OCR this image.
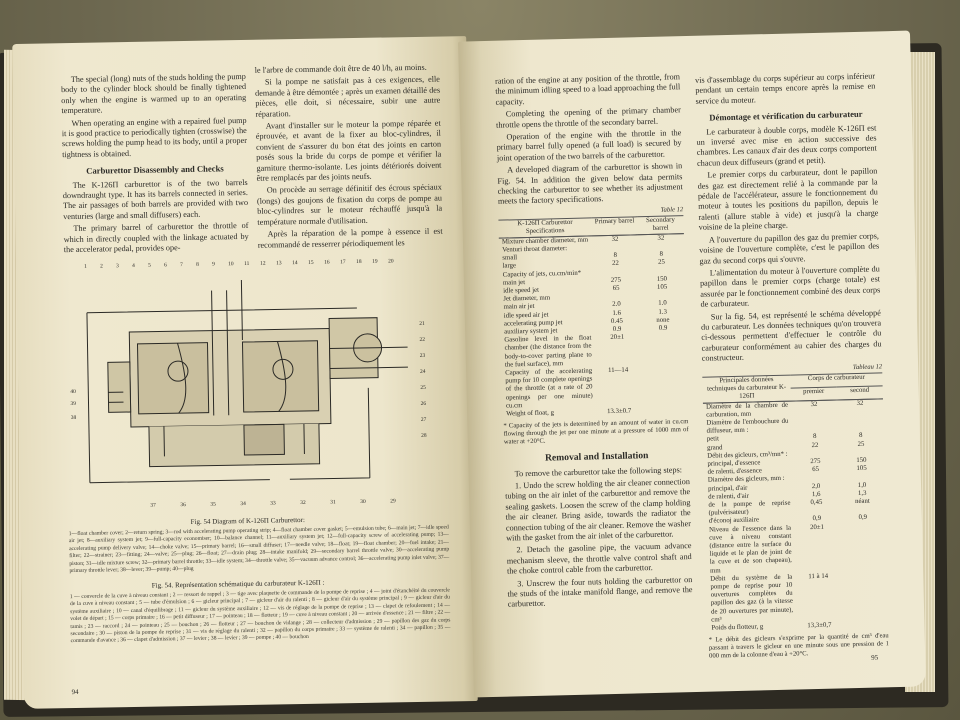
The special (long) nuts of the studs holding the pump body to the cylinder block should be finally tightened only when the engine is warmed up to an operating temperature.

When operating an engine with a repaired fuel pump it is good practice to periodically tighten (crosswise) the screws holding the pump head to its body, until a proper tightness is obtained.

Carburettor Disassembly and Checks

The K-126Π carburettor is of the two barrels downdraught type. It has its barrels connected in series. The air passages of both barrels are provided with two venturies (large and small diffusers) each.

The primary barrel of carburettor the throttle of which in directly coupled with the linkage actuated by the accelerator pedal, provides ope-

le l'arbre de commande doit être de 40 l/h, au moins.

Si la pompe ne satisfait pas à ces exigences, elle demande à être démontée ; après un examen détaillé des pièces, elle doit, si nécessaire, subir une autre réparation.

Avant d'installer sur le moteur la pompe réparée et éprouvée, et avant de la fixer au bloc-cylindres, il convient de s'assurer du bon état des joints en carton posés sous la bride du corps de pompe et vérifier la garniture thermo-isolante. Les joints détériorés doivent être remplacés par des joints neufs.

On procède au serrage définitif des écrous spéciaux (longs) des goujons de fixation du corps de pompe au bloc-cylindres sur le moteur réchauffé jusqu'à la température normale d'utilisation.

Après la réparation de la pompe à essence il est recommandé de resserrer périodiquement les

1 2 3 4 5 6 7 8 9 10 11 12 13 14 15 16 17 18 19 20
21
22
23
24
25
26
27
28
37	36	35	34	33	32	31	30	29
40
39
38
Fig. 54 Diagram of K-126Π Carburettor:
1—float chamber cover; 2—return spring; 3—rod with accelerating pump operating strip; 4—float chamber cover gasket; 5—emulsion tube; 6—main jet; 7—idle speed air jet; 8—auxiliary system jet; 9—full-capacity economiser; 10—balance channel; 11—auxiliary system jet; 12—full-capacity screw of accelerating pump; 13—accelerating pump delivery valve; 14—choke valve; 15—primary barrel; 16—small diffuser; 17—needle valve; 18—float; 19—float chamber; 20—fuel intake; 21—filter; 22—strainer; 23—fitting; 24—valve; 25—plug; 26—float; 27—drain plug; 28—intake manifold; 29—secondary barrel throttle valve; 30—accelerating pump piston; 31—idle mixture screw; 32—primary barrel throttle; 33—idle system; 34—throttle valve; 35—vacuum advance control; 36—accelerating pump inlet valve; 37—primary throttle lever; 38—lever; 39—pump; 40—plug
Fig. 54. Représentation schématique du carburateur K-126Π :
1 — couvercle de la cuve à niveau constant ; 2 — ressort de rappel ; 3 — tige avec plaquette de commande de la pompe de reprise ; 4 — joint d'étanchéité du couvercle de la cuve à niveau constant ; 5 — tube d'émulsion ; 6 — gicleur principal ; 7 — gicleur d'air du ralenti ; 8 — gicleur d'air du système principal ; 9 — gicleur d'air du système auxiliaire ; 10 — canal d'équilibrage ; 11 — gicleur du système auxiliaire ; 12 — vis de réglage de la pompe de reprise ; 13 — clapet de refoulement ; 14 — volet de départ ; 15 — corps primaire ; 16 — petit diffuseur ; 17 — pointeau ; 18 — flotteur ; 19 — cuve à niveau constant ; 20 — arrivée d'essence ; 21 — filtre ; 22 — tamis ; 23 — raccord ; 24 — pointeau ; 25 — bouchon ; 26 — flotteur ; 27 — bouchon de vidange ; 28 — collecteur d'admission ; 29 — papillon des gaz du corps secondaire ; 30 — piston de la pompe de reprise ; 31 — vis de réglage du ralenti ; 32 — papillon du corps primaire ; 33 — système de ralenti ; 34 — papillon ; 35 — commande d'avance ; 36 — clapet d'admission ; 37 — levier ; 38 — levier ; 39 — pompe ; 40 — bouchon
94

ration of the engine at any position of the throttle, from the minimum idling speed to a load approaching the full capacity.

Completing the opening of the primary chamber throttle opens the throttle of the secondary barrel.

Operation of the engine with the throttle in the primary barrel fully opened (a full load) is secured by joint operation of the two barrels of the carburettor.

A developed diagram of the carburettor is shown in Fig. 54. In addition the given below data permits checking the carburettor to see whether its adjustment meets the factory specifications.

Table 12
K-126Π Carburettor Specifications	Primary barrel	Secondary barrel
Mixture chamber diameter, mm	32	32
Venturi throat diameter:		
small	8	8
large	22	25
Capacity of jets, cu.cm/min*		
main jet	275	150
idle speed jet	65	105
Jet diameter, mm		
main air jet	2.0	1.0
idle speed air jet	1.6	1.3
accelerating pump jet	0.45	none
auxiliary system jet	0.9	0.9
Gasoline level in the float chamber (the distance from the body-to-cover parting plane to the fuel surface), mm	20±1	
Capacity of the accelerating pump for 10 complete openings of the throttle (at a rate of 20 openings per one minute) cu.cm	11—14	
Weight of float, g	13.3±0.7	
* Capacity of the jets is determined by an amount of water in cu.cm flowing through the jet per one minute at a pressure of 1000 mm of water at +20°C.
Removal and Installation

To remove the carburettor take the following steps:

1. Undo the screw holding the air cleaner connection tubing on the air inlet of the carburettor and remove the sealing gaskets. Loosen the screw of the clamp holding the air cleaner. Bring aside, towards the radiator the connection tubing of the air cleaner. Remove the washer with the gasket from the air inlet of the carburettor.

2. Detach the gasoline pipe, the vacuum advance mechanism sleeve, the throttle valve control shaft and the choke control cable from the carburettor.

3. Unscrew the four nuts holding the carburettor on the studs of the intake manifold flange, and remove the carburettor.

vis d'assemblage du corps supérieur au corps inférieur pendant un certain temps encore après la remise en service du moteur.

Démontage et vérification du carburateur

Le carburateur à double corps, modèle K-126Π est un inversé avec mise en action successive des chambres. Les canaux d'air des deux corps comportent chacun deux diffuseurs (grand et petit).

Le premier corps du carburateur, dont le papillon des gaz est directement relié à la commande par la pédale de l'accélérateur, assure le fonctionnement du moteur à toutes les positions du papillon, depuis le ralenti (allure stable à vide) et jusqu'à la charge voisine de la pleine charge.

A l'ouverture du papillon des gaz du premier corps, voisine de l'ouverture complète, c'est le papillon des gaz du second corps qui s'ouvre.

L'alimentation du moteur à l'ouverture complète du papillon dans le premier corps (charge totale) est assurée par le fonctionnement combiné des deux corps de carburateur.

Sur la fig. 54, est représenté le schéma développé du carburateur. Les données techniques qu'on trouvera ci-dessous permettent d'effectuer le contrôle du carburateur conformément au cahier des charges du constructeur.

Tableau 12
Principales données techniques du carburateur K-126Π	Corps de carburateur	
	premier	second
Diamètre de la chambre de carburation, mm	32	32
Diamètre de l'embouchure du diffuseur, mm :		
petit	8	8
grand	22	25
Débit des gicleurs, cm³/mn* :		
principal, d'essence	275	150
de ralenti, d'essence	65	105
Diamètre des gicleurs, mm :		
principal, d'air	2,0	1,0
de ralenti, d'air	1,6	1,3
de la pompe de reprise (pulvérisateur)	0,45	néant
d'éconoj auxiliaire	0,9	0,9
Niveau de l'essence dans la cuve à niveau constant (distance entre la surface du liquide et le plan de joint de la cuve et de son chapeau), mm	20±1	
Débit du système de la pompe de reprise pour 10 ouvertures complètes du papillon des gaz (à la vitesse de 20 ouvertures par minute), cm³	11 à 14	
Poids du flotteur, g	13,3±0,7	
* Le débit des gicleurs s'exprime par la quantité de cm³ d'eau passant à travers le gicleur en une minute sous une pression de 1 000 mm de la colonne d'eau à +20°C.	95
